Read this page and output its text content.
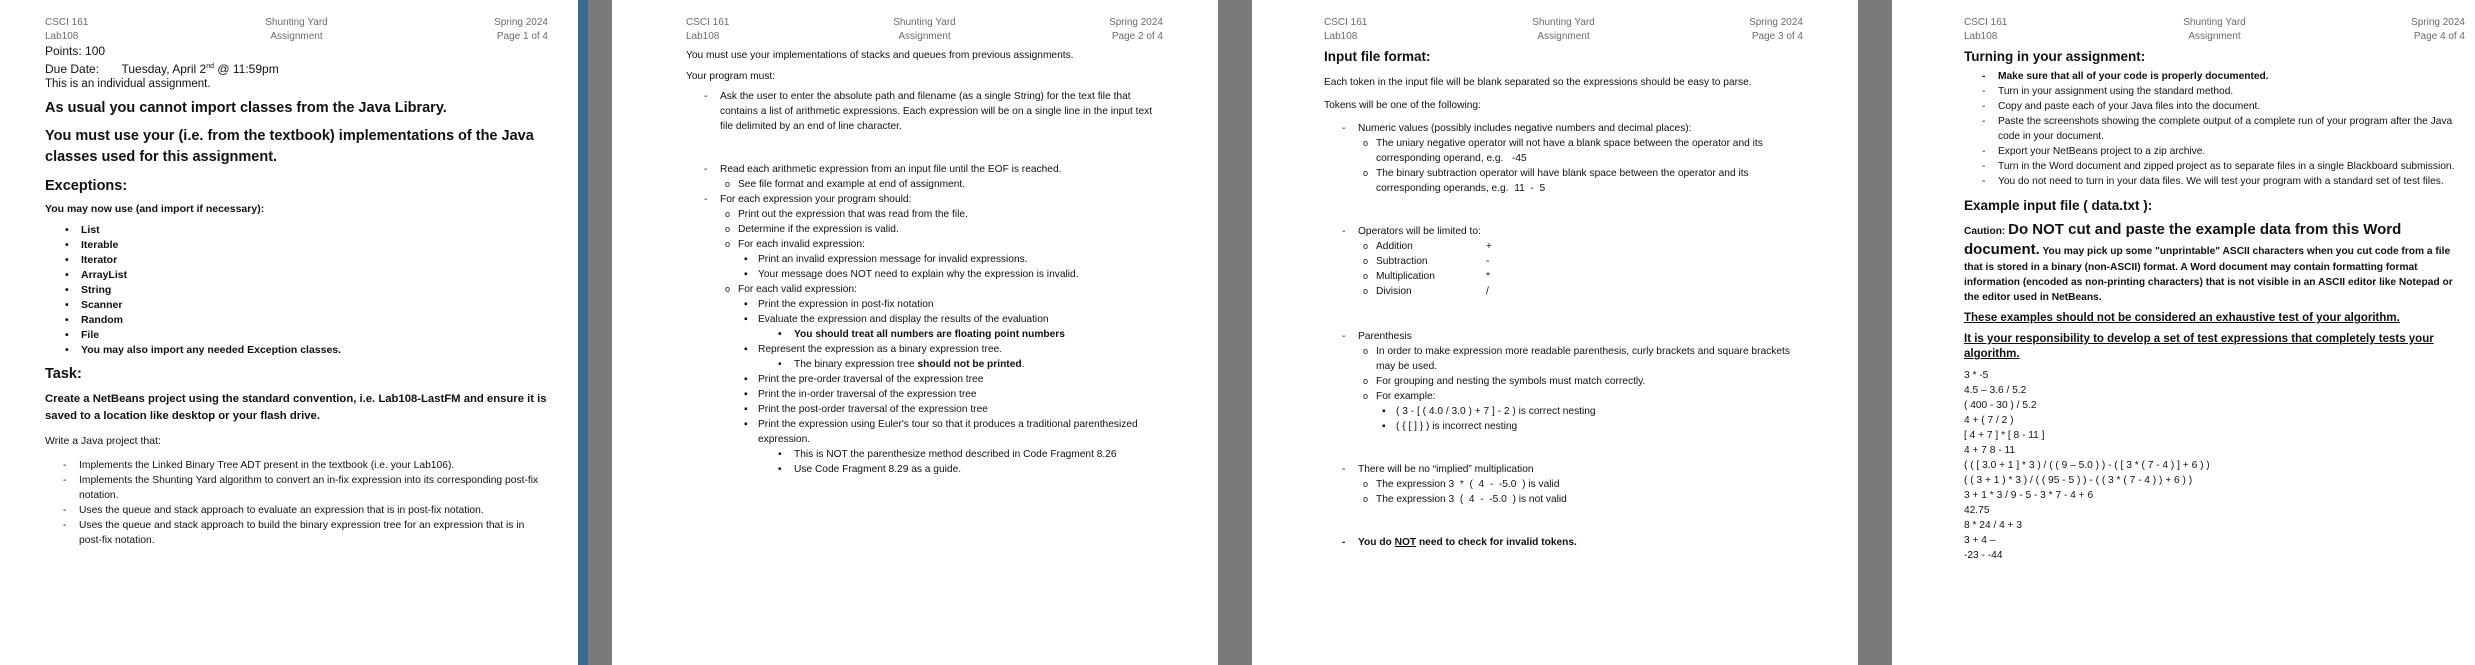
CSCI 161
Lab108
Shunting Yard
Assignment
Spring 2024
Page 1 of 4
Points: 100
Due Date: Tuesday, April 2nd @ 11:59pm
This is an individual assignment.
As usual you cannot import classes from the Java Library.
You must use your (i.e. from the textbook) implementations of the Java classes used for this assignment.
Exceptions:
You may now use (and import if necessary):
• List
• Iterable
• Iterator
• ArrayList
• String
• Scanner
• Random
• File
• You may also import any needed Exception classes.
Task:
Create a NetBeans project using the standard convention, i.e. Lab108-LastFM and ensure it is saved to a location like desktop or your flash drive.
Write a Java project that:
- Implements the Linked Binary Tree ADT present in the textbook (i.e. your Lab106).
- Implements the Shunting Yard algorithm to convert an in-fix expression into its corresponding post-fix notation.
- Uses the queue and stack approach to evaluate an expression that is in post-fix notation.
- Uses the queue and stack approach to build the binary expression tree for an expression that is in post-fix notation.
CSCI 161
Lab108
Shunting Yard
Assignment
Spring 2024
Page 2 of 4
You must use your implementations of stacks and queues from previous assignments.
Your program must:
- Ask the user to enter the absolute path and filename (as a single String) for the text file that contains a list of arithmetic expressions. Each expression will be on a single line in the input text file delimited by an end of line character.
- Read each arithmetic expression from an input file until the EOF is reached.
o See file format and example at end of assignment.
- For each expression your program should:
o Print out the expression that was read from the file.
o Determine if the expression is valid.
o For each invalid expression:
▪ Print an invalid expression message for invalid expressions.
▪ Your message does NOT need to explain why the expression is invalid.
o For each valid expression:
▪ Print the expression in post-fix notation
▪ Evaluate the expression and display the results of the evaluation
• You should treat all numbers are floating point numbers
▪ Represent the expression as a binary expression tree.
• The binary expression tree should not be printed.
▪ Print the pre-order traversal of the expression tree
▪ Print the in-order traversal of the expression tree
▪ Print the post-order traversal of the expression tree
▪ Print the expression using Euler's tour so that it produces a traditional parenthesized expression.
• This is NOT the parenthesize method described in Code Fragment 8.26
• Use Code Fragment 8.29 as a guide.
CSCI 161
Lab108
Shunting Yard
Assignment
Spring 2024
Page 3 of 4
Input file format:
Each token in the input file will be blank separated so the expressions should be easy to parse.
Tokens will be one of the following:
- Numeric values (possibly includes negative numbers and decimal places):
o The uniary negative operator will not have a blank space between the operator and its corresponding operand, e.g.   -45
o The binary subtraction operator will have blank space between the operator and its corresponding operands, e.g.  11  -  5
- Operators will be limited to:
o Addition	+
o Subtraction	-
o Multiplication	*
o Division	/
- Parenthesis
o In order to make expression more readable parenthesis, curly brackets and square brackets may be used.
o For grouping and nesting the symbols must match correctly.
o For example:
▪ ( 3 - [ ( 4.0 / 3.0 ) + 7 ] - 2 ) is correct nesting
▪ ( { [ ] } ) is incorrect nesting
- There will be no “implied” multiplication
o The expression 3  *  (  4  -  -5.0  ) is valid
o The expression 3  (  4  -  -5.0  ) is not valid
- You do NOT need to check for invalid tokens.
CSCI 161
Lab108
Shunting Yard
Assignment
Spring 2024
Page 4 of 4
Turning in your assignment:
- Make sure that all of your code is properly documented.
- Turn in your assignment using the standard method.
- Copy and paste each of your Java files into the document.
- Paste the screenshots showing the complete output of a complete run of your program after the Java code in your document.
- Export your NetBeans project to a zip archive.
- Turn in the Word document and zipped project as to separate files in a single Blackboard submission.
- You do not need to turn in your data files. We will test your program with a standard set of test files.
Example input file ( data.txt ):
Caution: Do NOT cut and paste the example data from this Word document. You may pick up some "unprintable" ASCII characters when you cut code from a file that is stored in a binary (non-ASCII) format. A Word document may contain formatting format information (encoded as non-printing characters) that is not visible in an ASCII editor like Notepad or the editor used in NetBeans.
These examples should not be considered an exhaustive test of your algorithm.
It is your responsibility to develop a set of test expressions that completely tests your algorithm.
3 * -5
4.5 – 3.6 / 5.2
( 400 - 30 ) / 5.2
4 + ( 7 / 2 )
[ 4 + 7 ] * [ 8 - 11 ]
4 + 7 8 - 11
( ( [ 3.0 + 1 ] * 3 ) / ( ( 9 – 5.0 ) ) - ( [ 3 * ( 7 - 4 ) ] + 6 ) )
( ( 3 + 1 ) * 3 ) / ( ( 95 - 5 ) ) - ( ( 3 * ( 7 - 4 ) ) + 6 ) )
3 + 1 * 3 / 9 - 5 - 3 * 7 - 4 + 6
42.75
8 * 24 / 4 + 3
3 + 4 –
-23 - -44
